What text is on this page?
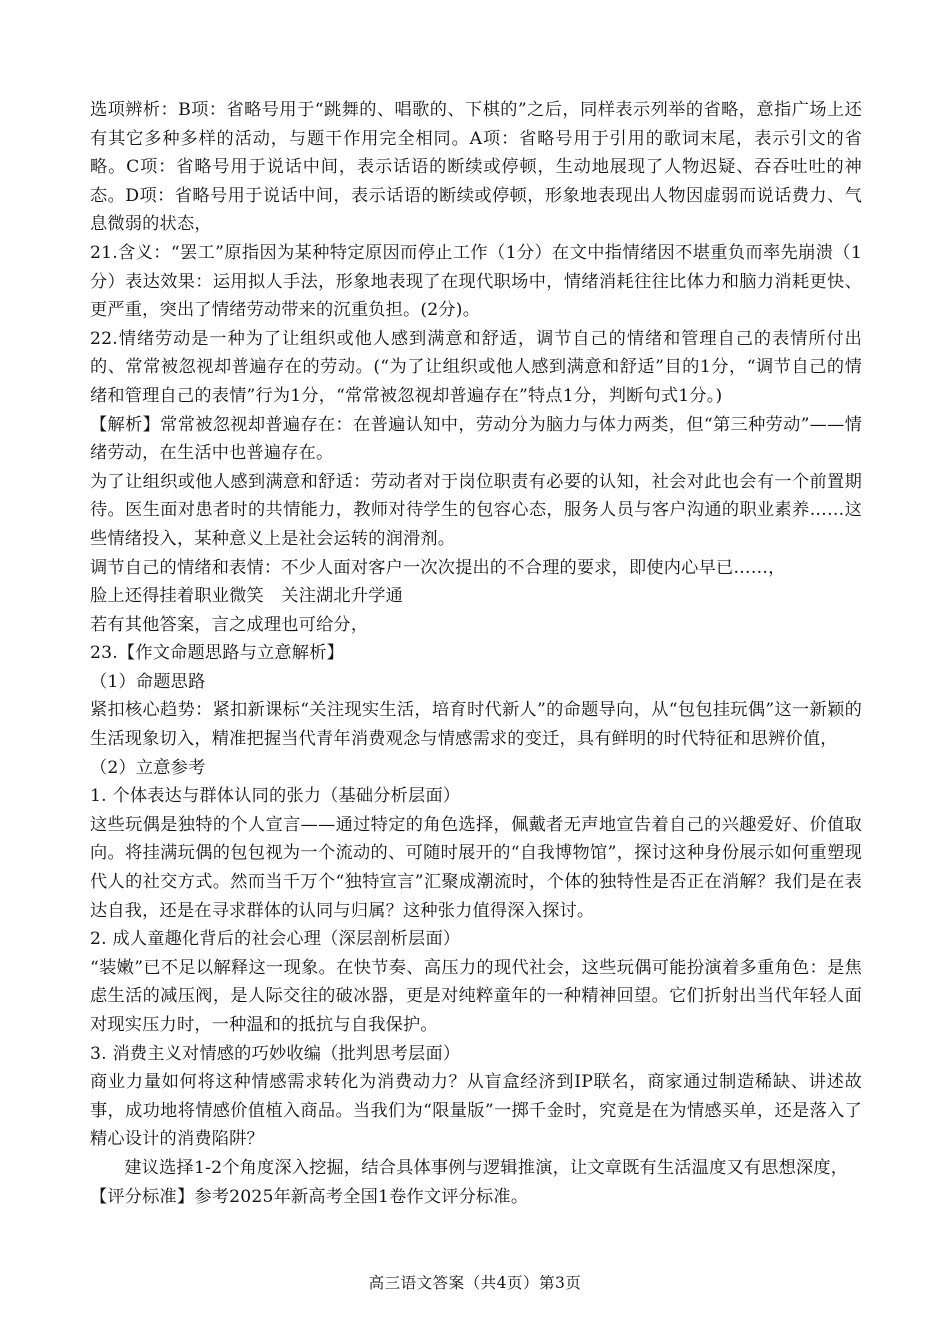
选项辨析：B项：省略号用于“跳舞的、唱歌的、下棋的”之后，同样表示列举的省略，意指广场上还有其它多种多样的活动，与题干作用完全相同。A项：省略号用于引用的歌词末尾，表示引文的省略。C项：省略号用于说话中间，表示话语的断续或停顿，生动地展现了人物迟疑、吞吞吐吐的神态。D项：省略号用于说话中间，表示话语的断续或停顿，形象地表现出人物因虚弱而说话费力、气息微弱的状态，

21.含义：“罢工”原指因为某种特定原因而停止工作（1分）在文中指情绪因不堪重负而率先崩溃（1分）表达效果：运用拟人手法，形象地表现了在现代职场中，情绪消耗往往比体力和脑力消耗更快、更严重，突出了情绪劳动带来的沉重负担。(2分)。

22.情绪劳动是一种为了让组织或他人感到满意和舒适，调节自己的情绪和管理自己的表情所付出的、常常被忽视却普遍存在的劳动。(“为了让组织或他人感到满意和舒适”目的1分，“调节自己的情绪和管理自己的表情”行为1分，“常常被忽视却普遍存在”特点1分，判断句式1分。)

【解析】常常被忽视却普遍存在：在普遍认知中，劳动分为脑力与体力两类，但“第三种劳动”——情绪劳动，在生活中也普遍存在。

为了让组织或他人感到满意和舒适：劳动者对于岗位职责有必要的认知，社会对此也会有一个前置期待。医生面对患者时的共情能力，教师对待学生的包容心态，服务人员与客户沟通的职业素养……这些情绪投入，某种意义上是社会运转的润滑剂。

调节自己的情绪和表情：不少人面对客户一次次提出的不合理的要求，即使内心早已……，

脸上还得挂着职业微笑　关注湖北升学通

若有其他答案，言之成理也可给分，

23.【作文命题思路与立意解析】

（1）命题思路

紧扣核心趋势：紧扣新课标“关注现实生活，培育时代新人”的命题导向，从“包包挂玩偶”这一新颖的生活现象切入，精准把握当代青年消费观念与情感需求的变迁，具有鲜明的时代特征和思辨价值，

（2）立意参考

1. 个体表达与群体认同的张力（基础分析层面）

这些玩偶是独特的个人宣言——通过特定的角色选择，佩戴者无声地宣告着自己的兴趣爱好、价值取向。将挂满玩偶的包包视为一个流动的、可随时展开的“自我博物馆”，探讨这种身份展示如何重塑现代人的社交方式。然而当千万个“独特宣言”汇聚成潮流时，个体的独特性是否正在消解？我们是在表达自我，还是在寻求群体的认同与归属？这种张力值得深入探讨。

2. 成人童趣化背后的社会心理（深层剖析层面）

“装嫩”已不足以解释这一现象。在快节奏、高压力的现代社会，这些玩偶可能扮演着多重角色：是焦虑生活的减压阀，是人际交往的破冰器，更是对纯粹童年的一种精神回望。它们折射出当代年轻人面对现实压力时，一种温和的抵抗与自我保护。

3. 消费主义对情感的巧妙收编（批判思考层面）

商业力量如何将这种情感需求转化为消费动力？从盲盒经济到IP联名，商家通过制造稀缺、讲述故事，成功地将情感价值植入商品。当我们为“限量版”一掷千金时，究竟是在为情感买单，还是落入了精心设计的消费陷阱？

建议选择1-2个角度深入挖掘，结合具体事例与逻辑推演，让文章既有生活温度又有思想深度，

【评分标准】参考2025年新高考全国1卷作文评分标准。

高三语文答案（共4页）第3页
